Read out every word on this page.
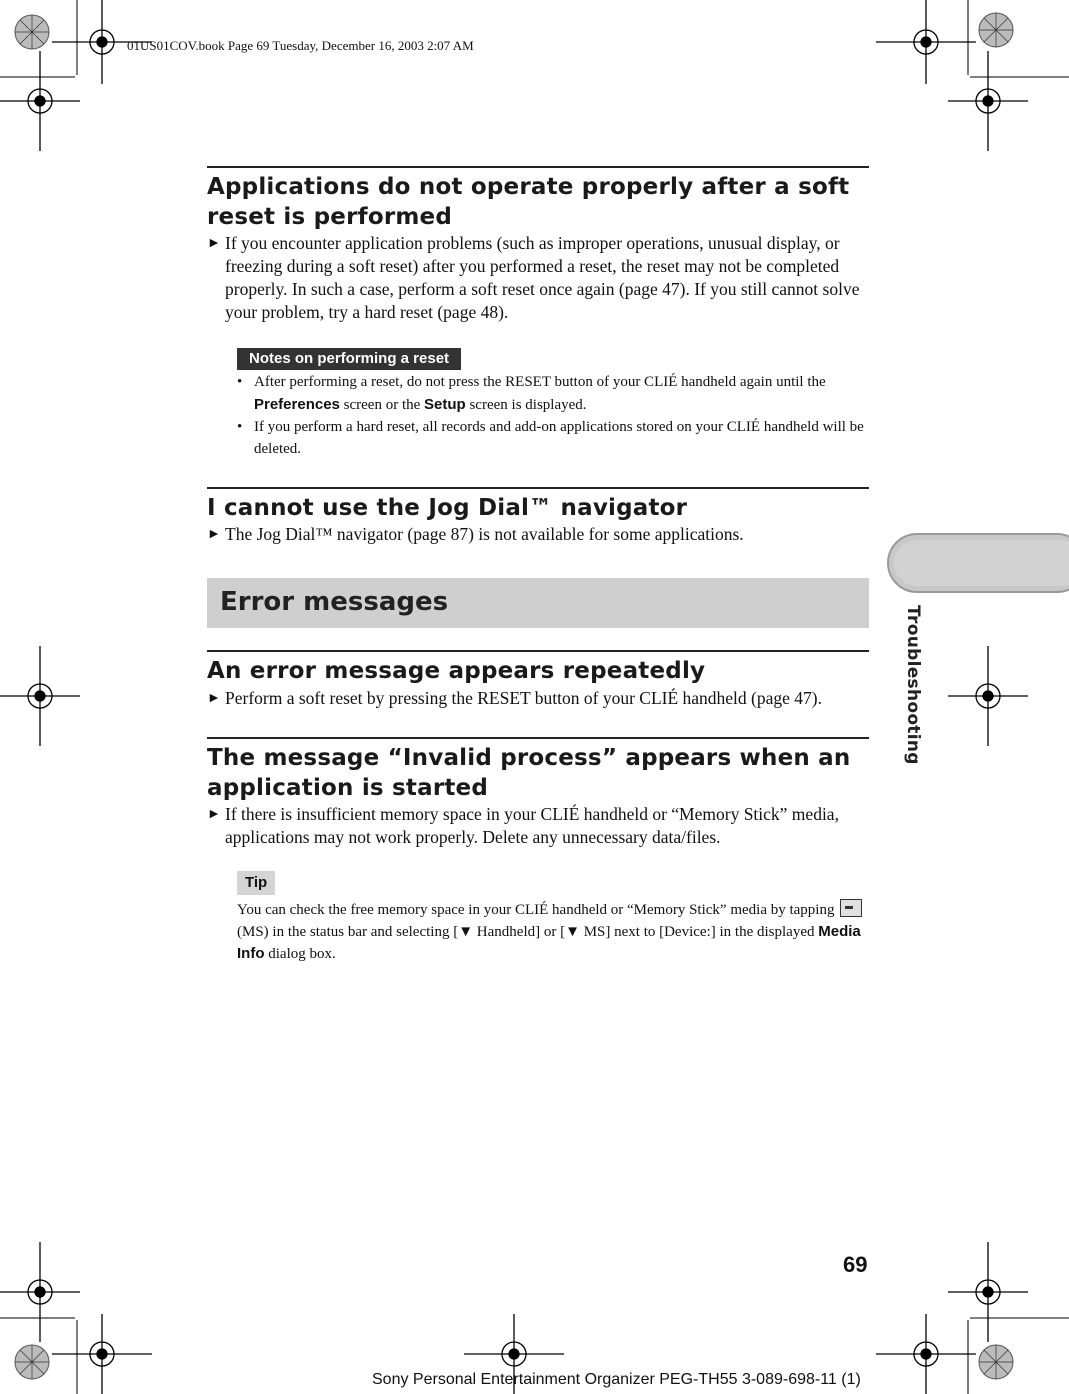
01US01COV.book Page 69 Tuesday, December 16, 2003 2:07 AM
Applications do not operate properly after a soft reset is performed
► If you encounter application problems (such as improper operations, unusual display, or freezing during a soft reset) after you performed a reset, the reset may not be completed properly. In such a case, perform a soft reset once again (page 47). If you still cannot solve your problem, try a hard reset (page 48).
Notes on performing a reset
• After performing a reset, do not press the RESET button of your CLIÉ handheld again until the Preferences screen or the Setup screen is displayed.
• If you perform a hard reset, all records and add-on applications stored on your CLIÉ handheld will be deleted.
I cannot use the Jog Dial™ navigator
► The Jog Dial™ navigator (page 87) is not available for some applications.
Error messages
An error message appears repeatedly
► Perform a soft reset by pressing the RESET button of your CLIÉ handheld (page 47).
The message “Invalid process” appears when an application is started
► If there is insufficient memory space in your CLIÉ handheld or “Memory Stick” media, applications may not work properly. Delete any unnecessary data/files.
Tip
You can check the free memory space in your CLIÉ handheld or “Memory Stick” media by tapping  (MS) in the status bar and selecting [▼ Handheld] or [▼ MS] next to [Device:] in the displayed Media Info dialog box.
Troubleshooting
69
Sony Personal Entertainment Organizer PEG-TH55 3-089-698-11 (1)
